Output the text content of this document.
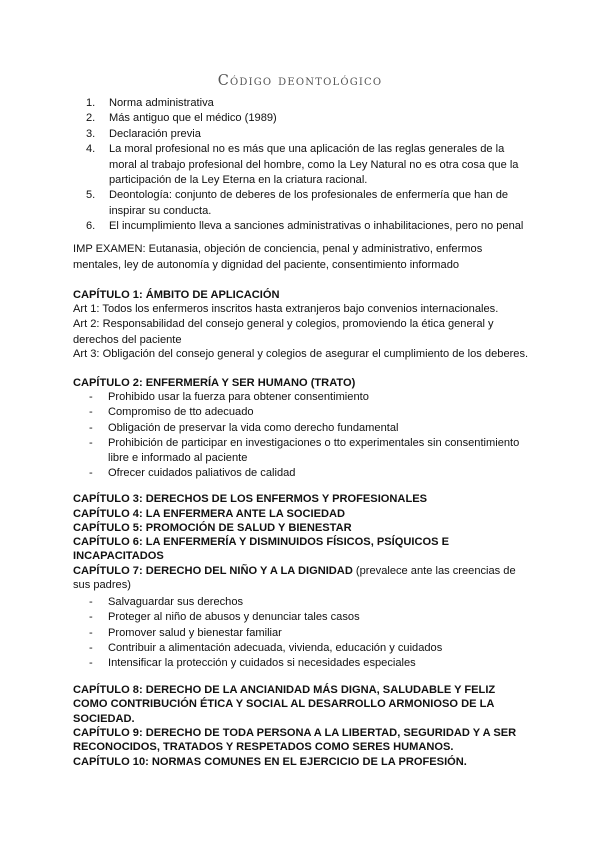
Código deontológico
1. Norma administrativa
2. Más antiguo que el médico (1989)
3. Declaración previa
4. La moral profesional no es más que una aplicación de las reglas generales de la moral al trabajo profesional del hombre, como la Ley Natural no es otra cosa que la participación de la Ley Eterna en la criatura racional.
5. Deontología: conjunto de deberes de los profesionales de enfermería que han de inspirar su conducta.
6. El incumplimiento lleva a sanciones administrativas o inhabilitaciones, pero no penal

IMP EXAMEN: Eutanasia, objeción de conciencia, penal y administrativo, enfermos mentales, ley de autonomía y dignidad del paciente, consentimiento informado

CAPÍTULO 1: ÁMBITO DE APLICACIÓN

Art 1: Todos los enfermeros inscritos hasta extranjeros bajo convenios internacionales.

Art 2: Responsabilidad del consejo general y colegios, promoviendo la ética general y derechos del paciente

Art 3: Obligación del consejo general y colegios de asegurar el cumplimiento de los deberes.

CAPÍTULO 2: ENFERMERÍA Y SER HUMANO (TRATO)

- Prohibido usar la fuerza para obtener consentimiento
- Compromiso de tto adecuado
- Obligación de preservar la vida como derecho fundamental
- Prohibición de participar en investigaciones o tto experimentales sin consentimiento libre e informado al paciente
- Ofrecer cuidados paliativos de calidad

CAPÍTULO 3: DERECHOS DE LOS ENFERMOS Y PROFESIONALES

CAPÍTULO 4: LA ENFERMERA ANTE LA SOCIEDAD

CAPÍTULO 5: PROMOCIÓN DE SALUD Y BIENESTAR

CAPÍTULO 6: LA ENFERMERÍA Y DISMINUIDOS FÍSICOS, PSÍQUICOS E INCAPACITADOS

CAPÍTULO 7: DERECHO DEL NIÑO Y A LA DIGNIDAD (prevalece ante las creencias de sus padres)

- Salvaguardar sus derechos
- Proteger al niño de abusos y denunciar tales casos
- Promover salud y bienestar familiar
- Contribuir a alimentación adecuada, vivienda, educación y cuidados
- Intensificar la protección y cuidados si necesidades especiales

CAPÍTULO 8: DERECHO DE LA ANCIANIDAD MÁS DIGNA, SALUDABLE Y FELIZ COMO CONTRIBUCIÓN ÉTICA Y SOCIAL AL DESARROLLO ARMONIOSO DE LA SOCIEDAD.

CAPÍTULO 9: DERECHO DE TODA PERSONA A LA LIBERTAD, SEGURIDAD Y A SER RECONOCIDOS, TRATADOS Y RESPETADOS COMO SERES HUMANOS.

CAPÍTULO 10: NORMAS COMUNES EN EL EJERCICIO DE LA PROFESIÓN.
